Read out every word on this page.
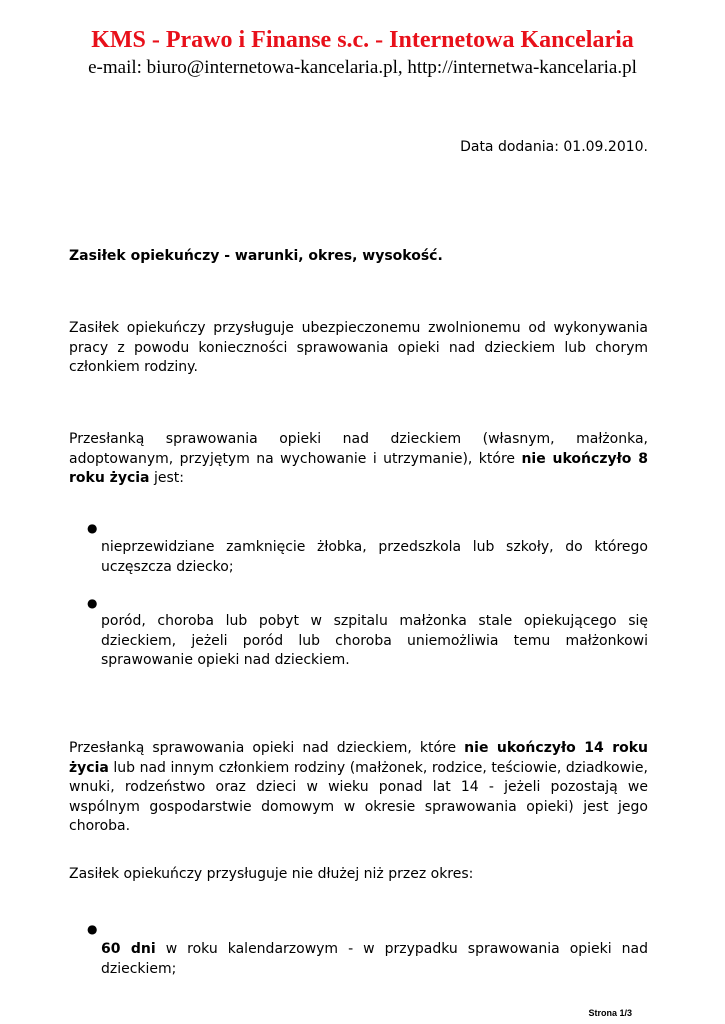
KMS - Prawo i Finanse s.c. - Internetowa Kancelaria
e-mail: biuro@internetowa-kancelaria.pl, http://internetwa-kancelaria.pl
Data dodania: 01.09.2010.
Zasiłek opiekuńczy - warunki, okres, wysokość.
Zasiłek opiekuńczy przysługuje ubezpieczonemu zwolnionemu od wykonywania pracy z powodu konieczności sprawowania opieki nad dzieckiem lub chorym członkiem rodziny.
Przesłanką sprawowania opieki nad dzieckiem (własnym, małżonka, adoptowanym, przyjętym na wychowanie i utrzymanie), które nie ukończyło 8 roku życia jest:
●
nieprzewidziane zamknięcie żłobka, przedszkola lub szkoły, do którego uczęszcza dziecko;
●
poród, choroba lub pobyt w szpitalu małżonka stale opiekującego się dzieckiem, jeżeli poród lub choroba uniemożliwia temu małżonkowi sprawowanie opieki nad dzieckiem.
Przesłanką sprawowania opieki nad dzieckiem, które nie ukończyło 14 roku życia lub nad innym członkiem rodziny (małżonek, rodzice, teściowie, dziadkowie, wnuki, rodzeństwo oraz dzieci w wieku ponad lat 14 - jeżeli pozostają we wspólnym gospodarstwie domowym w okresie sprawowania opieki) jest jego choroba.
Zasiłek opiekuńczy przysługuje nie dłużej niż przez okres:
●
60 dni w roku kalendarzowym - w przypadku sprawowania opieki nad dzieckiem;
Strona 1/3
